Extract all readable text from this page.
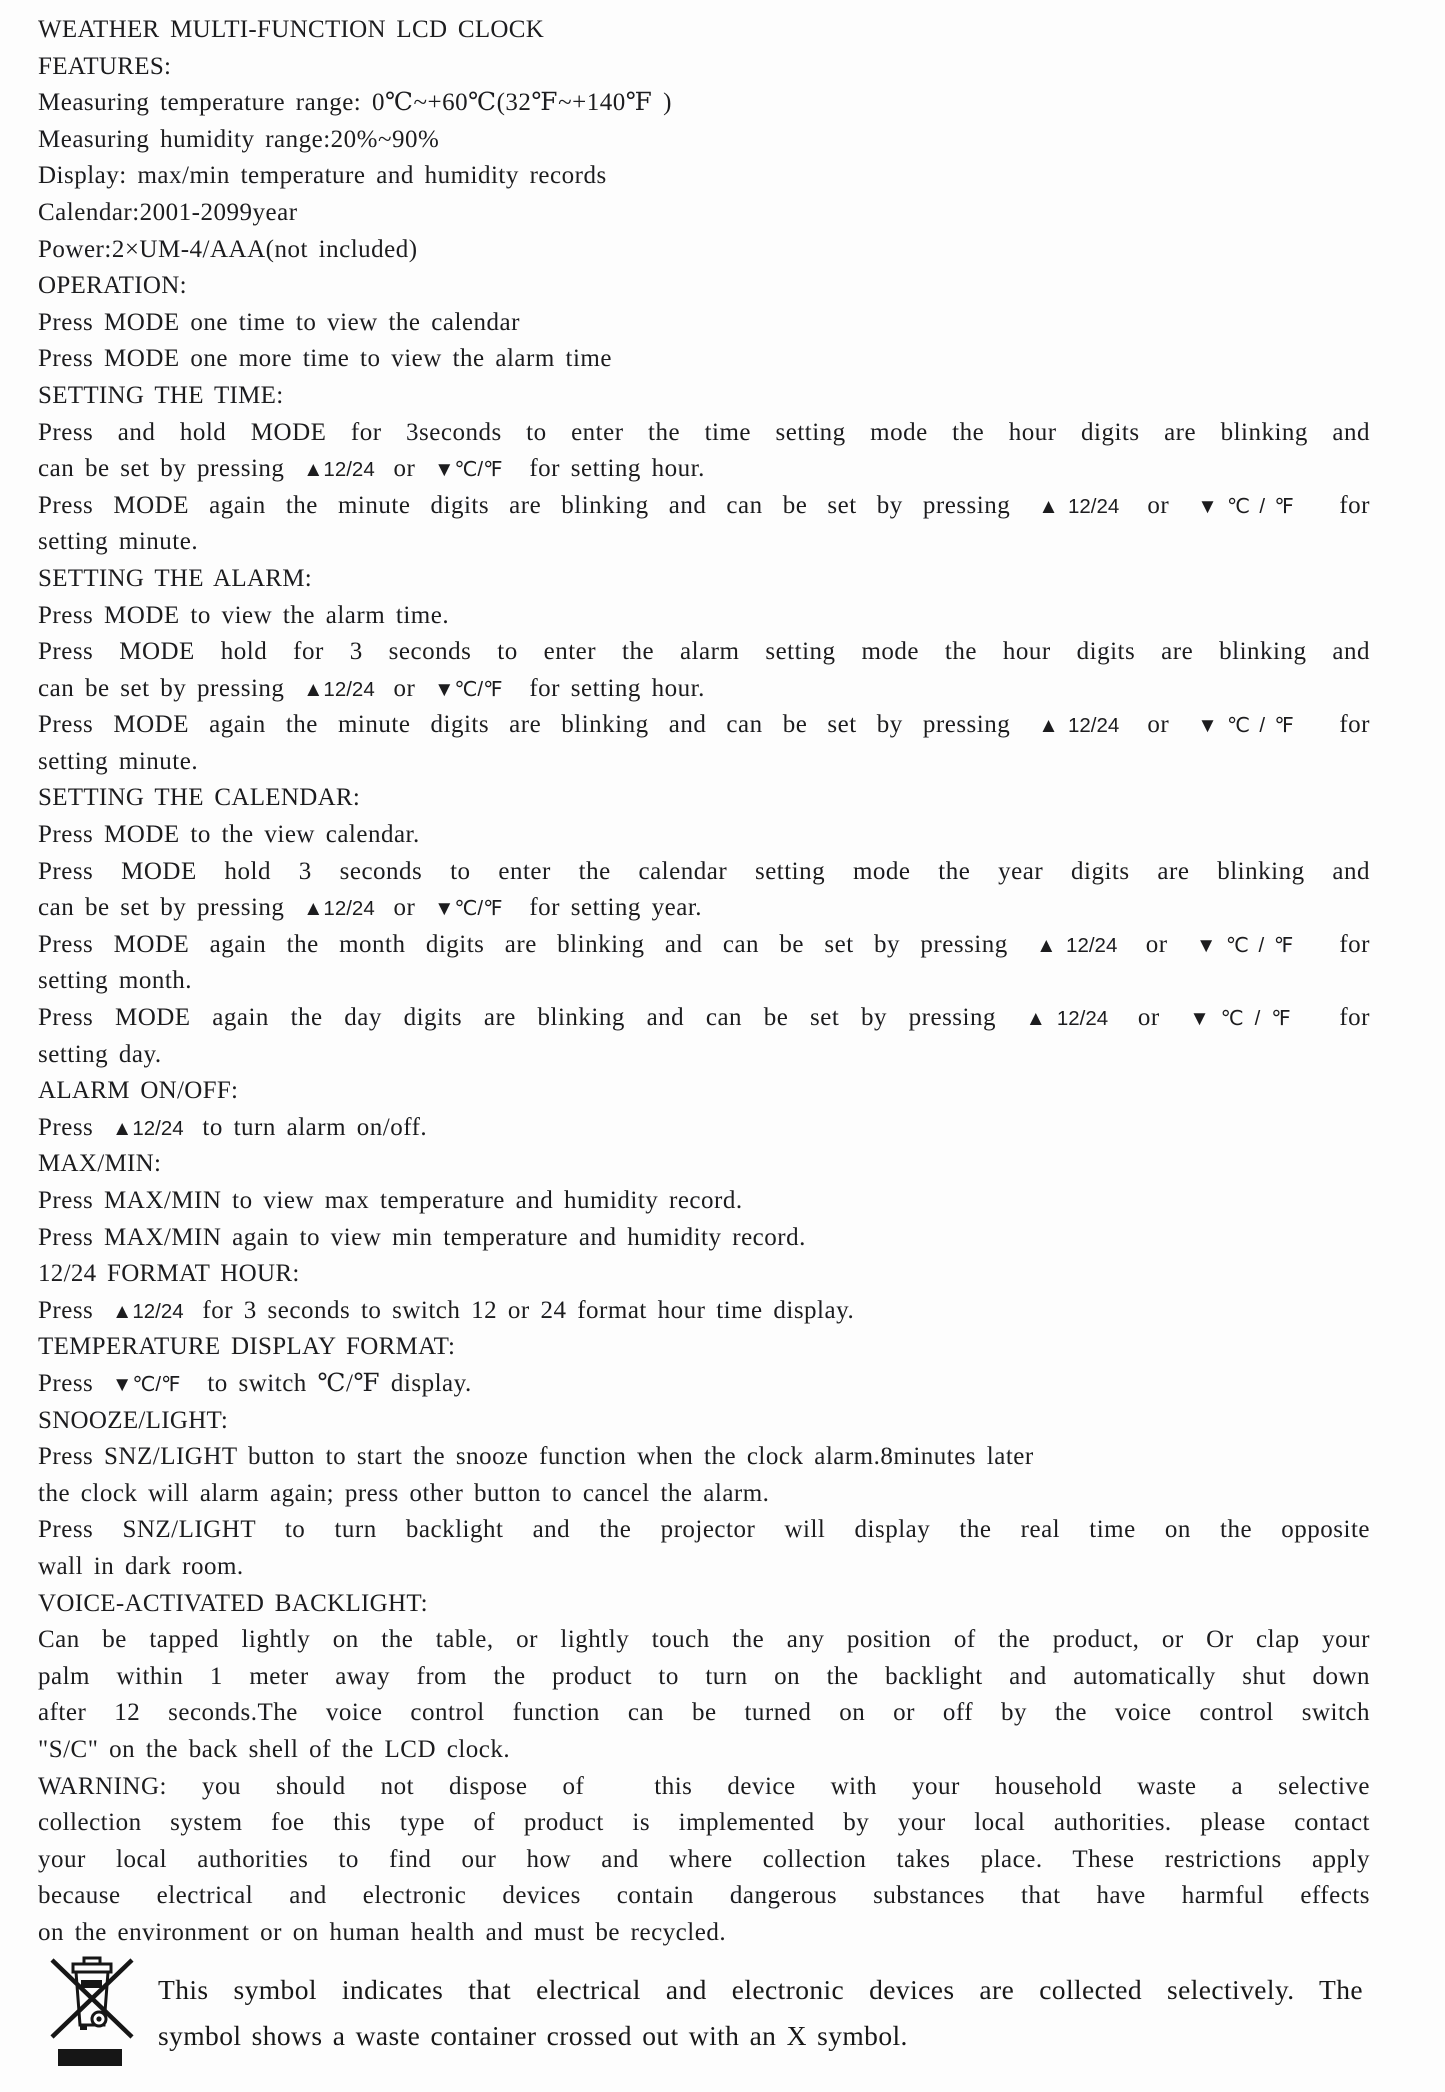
WEATHER MULTI-FUNCTION LCD CLOCK
FEATURES:
Measuring temperature range: 0℃~+60℃(32℉~+140℉ )
Measuring humidity range:20%~90%
Display: max/min temperature and humidity records
Calendar:2001-2099year
Power:2×UM-4/AAA(not included)
OPERATION:
Press MODE one time to view the calendar
Press MODE one more time to view the alarm time
SETTING THE TIME:
Press and hold MODE for 3seconds to enter the time setting mode the hour digits are blinking and
can be set by pressing ▲12/24 or ▼℃/℉ for setting hour.
Press MODE again the minute digits are blinking and can be set by pressing ▲12/24 or ▼℃/℉ for
setting minute.
SETTING THE ALARM:
Press MODE to view the alarm time.
Press MODE hold for 3 seconds to enter the alarm setting mode the hour digits are blinking and
can be set by pressing ▲12/24 or ▼℃/℉ for setting hour.
Press MODE again the minute digits are blinking and can be set by pressing ▲12/24 or ▼℃/℉ for
setting minute.
SETTING THE CALENDAR:
Press MODE to the view calendar.
Press MODE hold 3 seconds to enter the calendar setting mode the year digits are blinking and
can be set by pressing ▲12/24 or ▼℃/℉ for setting year.
Press MODE again the month digits are blinking and can be set by pressing ▲12/24 or ▼℃/℉ for
setting month.
Press MODE again the day digits are blinking and can be set by pressing ▲12/24 or ▼℃/℉ for
setting day.
ALARM ON/OFF:
Press ▲12/24 to turn alarm on/off.
MAX/MIN:
Press MAX/MIN to view max temperature and humidity record.
Press MAX/MIN again to view min temperature and humidity record.
12/24 FORMAT HOUR:
Press ▲12/24 for 3 seconds to switch 12 or 24 format hour time display.
TEMPERATURE DISPLAY FORMAT:
Press ▼℃/℉ to switch ℃/℉ display.
SNOOZE/LIGHT:
Press SNZ/LIGHT button to start the snooze function when the clock alarm.8minutes later
the clock will alarm again; press other button to cancel the alarm.
Press SNZ/LIGHT to turn backlight and the projector will display the real time on the opposite
wall in dark room.
VOICE-ACTIVATED BACKLIGHT:
Can be tapped lightly on the table, or lightly touch the any position of the product, or Or clap your
palm within 1 meter away from the product to turn on the backlight and automatically shut down
after 12 seconds.The voice control function can be turned on or off by the voice control switch
"S/C" on the back shell of the LCD clock.
WARNING: you should not dispose of  this device with your household waste a selective
collection system foe this type of product is implemented by your local authorities. please contact
your local authorities to find our how and where collection takes place. These restrictions apply
because electrical and electronic devices contain dangerous substances that have harmful effects
on the environment or on human health and must be recycled.
This symbol indicates that electrical and electronic devices are collected selectively. The
symbol shows a waste container crossed out with an X symbol.
